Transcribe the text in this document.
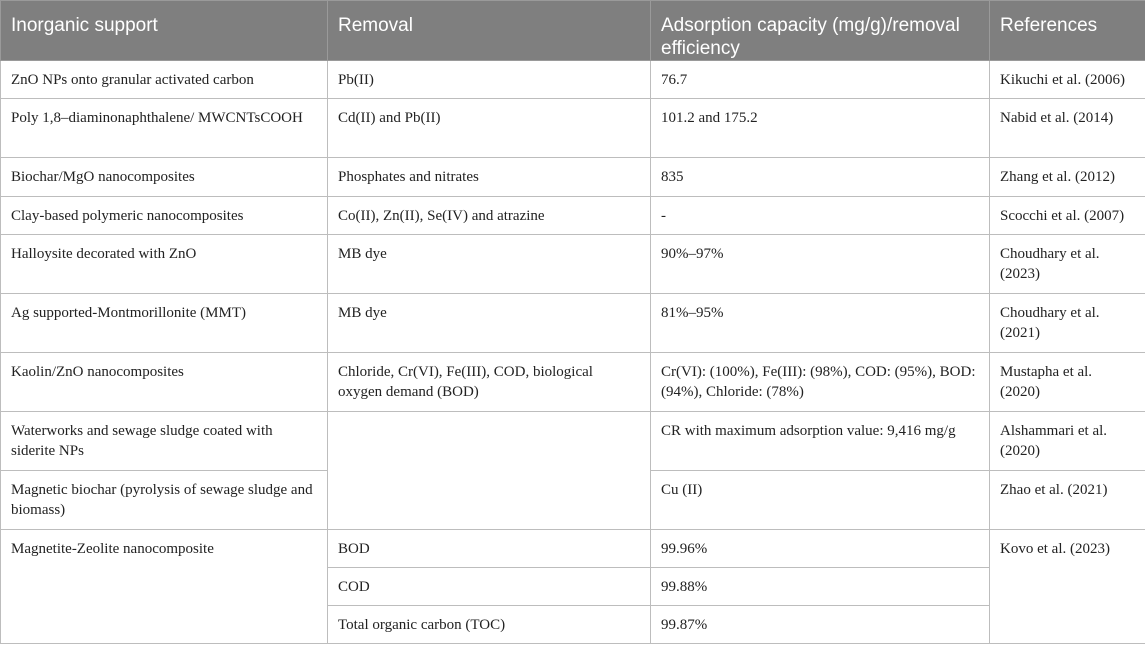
Inorganic support	Removal	Adsorption capacity (mg/g)/removal efficiency	References
ZnO NPs onto granular activated carbon	Pb(II)	76.7	Kikuchi et al. (2006)
Poly 1,8–diaminonaphthalene/ MWCNTsCOOH	Cd(II) and Pb(II)	101.2 and 175.2	Nabid et al. (2014)
Biochar/MgO nanocomposites	Phosphates and nitrates	835	Zhang et al. (2012)
Clay-based polymeric nanocomposites	Co(II), Zn(II), Se(IV) and atrazine	-	Scocchi et al. (2007)
Halloysite decorated with ZnO	MB dye	90%–97%	Choudhary et al. (2023)
Ag supported-Montmorillonite (MMT)	MB dye	81%–95%	Choudhary et al. (2021)
Kaolin/ZnO nanocomposites	Chloride, Cr(VI), Fe(III), COD, biological oxygen demand (BOD)	Cr(VI): (100%), Fe(III): (98%), COD: (95%), BOD: (94%), Chloride: (78%)	Mustapha et al. (2020)
Waterworks and sewage sludge coated with siderite NPs		CR with maximum adsorption value: 9,416 mg/g	Alshammari et al. (2020)
Magnetic biochar (pyrolysis of sewage sludge and biomass)		Cu (II)	Zhao et al. (2021)
Magnetite-Zeolite nanocomposite	BOD	99.96%	Kovo et al. (2023)
	COD	99.88%	
	Total organic carbon (TOC)	99.87%	
